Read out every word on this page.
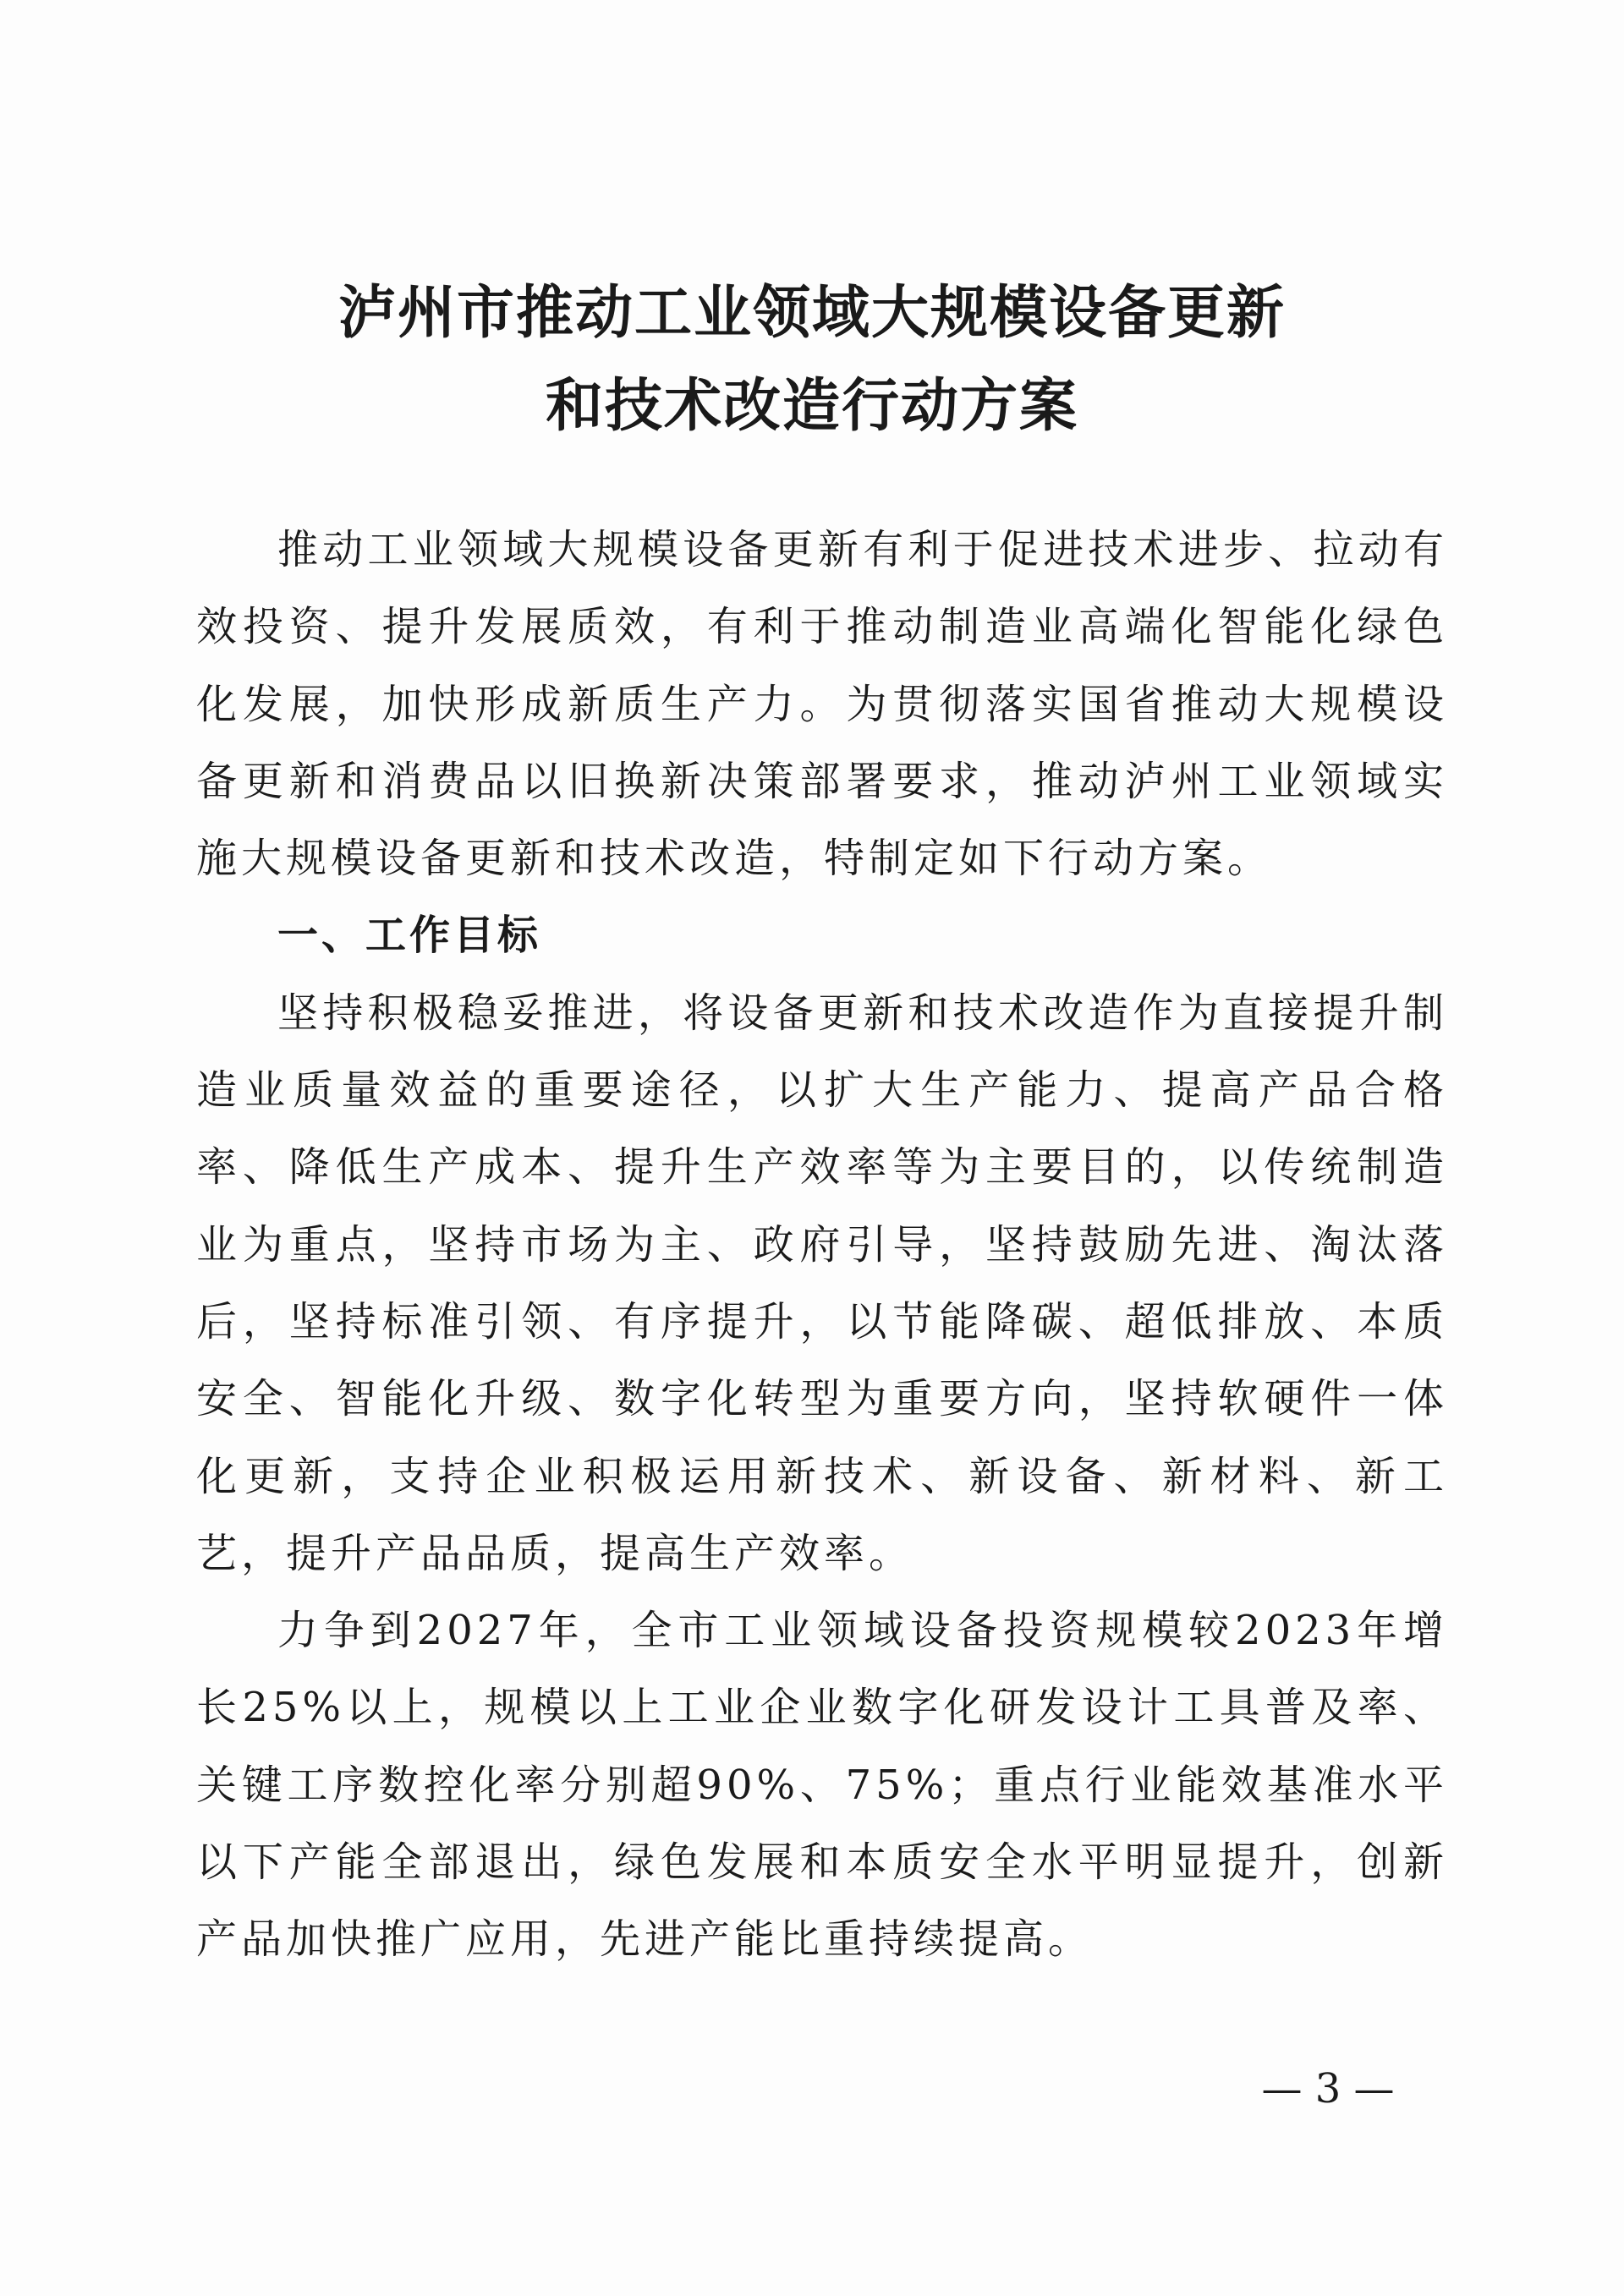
泸州市推动工业领域大规模设备更新
和技术改造行动方案

推动工业领域大规模设备更新有利于促进技术进步、拉动有效投资、提升发展质效，有利于推动制造业高端化智能化绿色化发展，加快形成新质生产力。为贯彻落实国省推动大规模设备更新和消费品以旧换新决策部署要求，推动泸州工业领域实施大规模设备更新和技术改造，特制定如下行动方案。

一、工作目标

坚持积极稳妥推进，将设备更新和技术改造作为直接提升制造业质量效益的重要途径，以扩大生产能力、提高产品合格率、降低生产成本、提升生产效率等为主要目的，以传统制造业为重点，坚持市场为主、政府引导，坚持鼓励先进、淘汰落后，坚持标准引领、有序提升，以节能降碳、超低排放、本质安全、智能化升级、数字化转型为重要方向，坚持软硬件一体化更新，支持企业积极运用新技术、新设备、新材料、新工艺，提升产品品质，提高生产效率。

力争到2027年，全市工业领域设备投资规模较2023年增长25%以上，规模以上工业企业数字化研发设计工具普及率、关键工序数控化率分别超90%、75%；重点行业能效基准水平以下产能全部退出，绿色发展和本质安全水平明显提升，创新产品加快推广应用，先进产能比重持续提高。

— 3 —
